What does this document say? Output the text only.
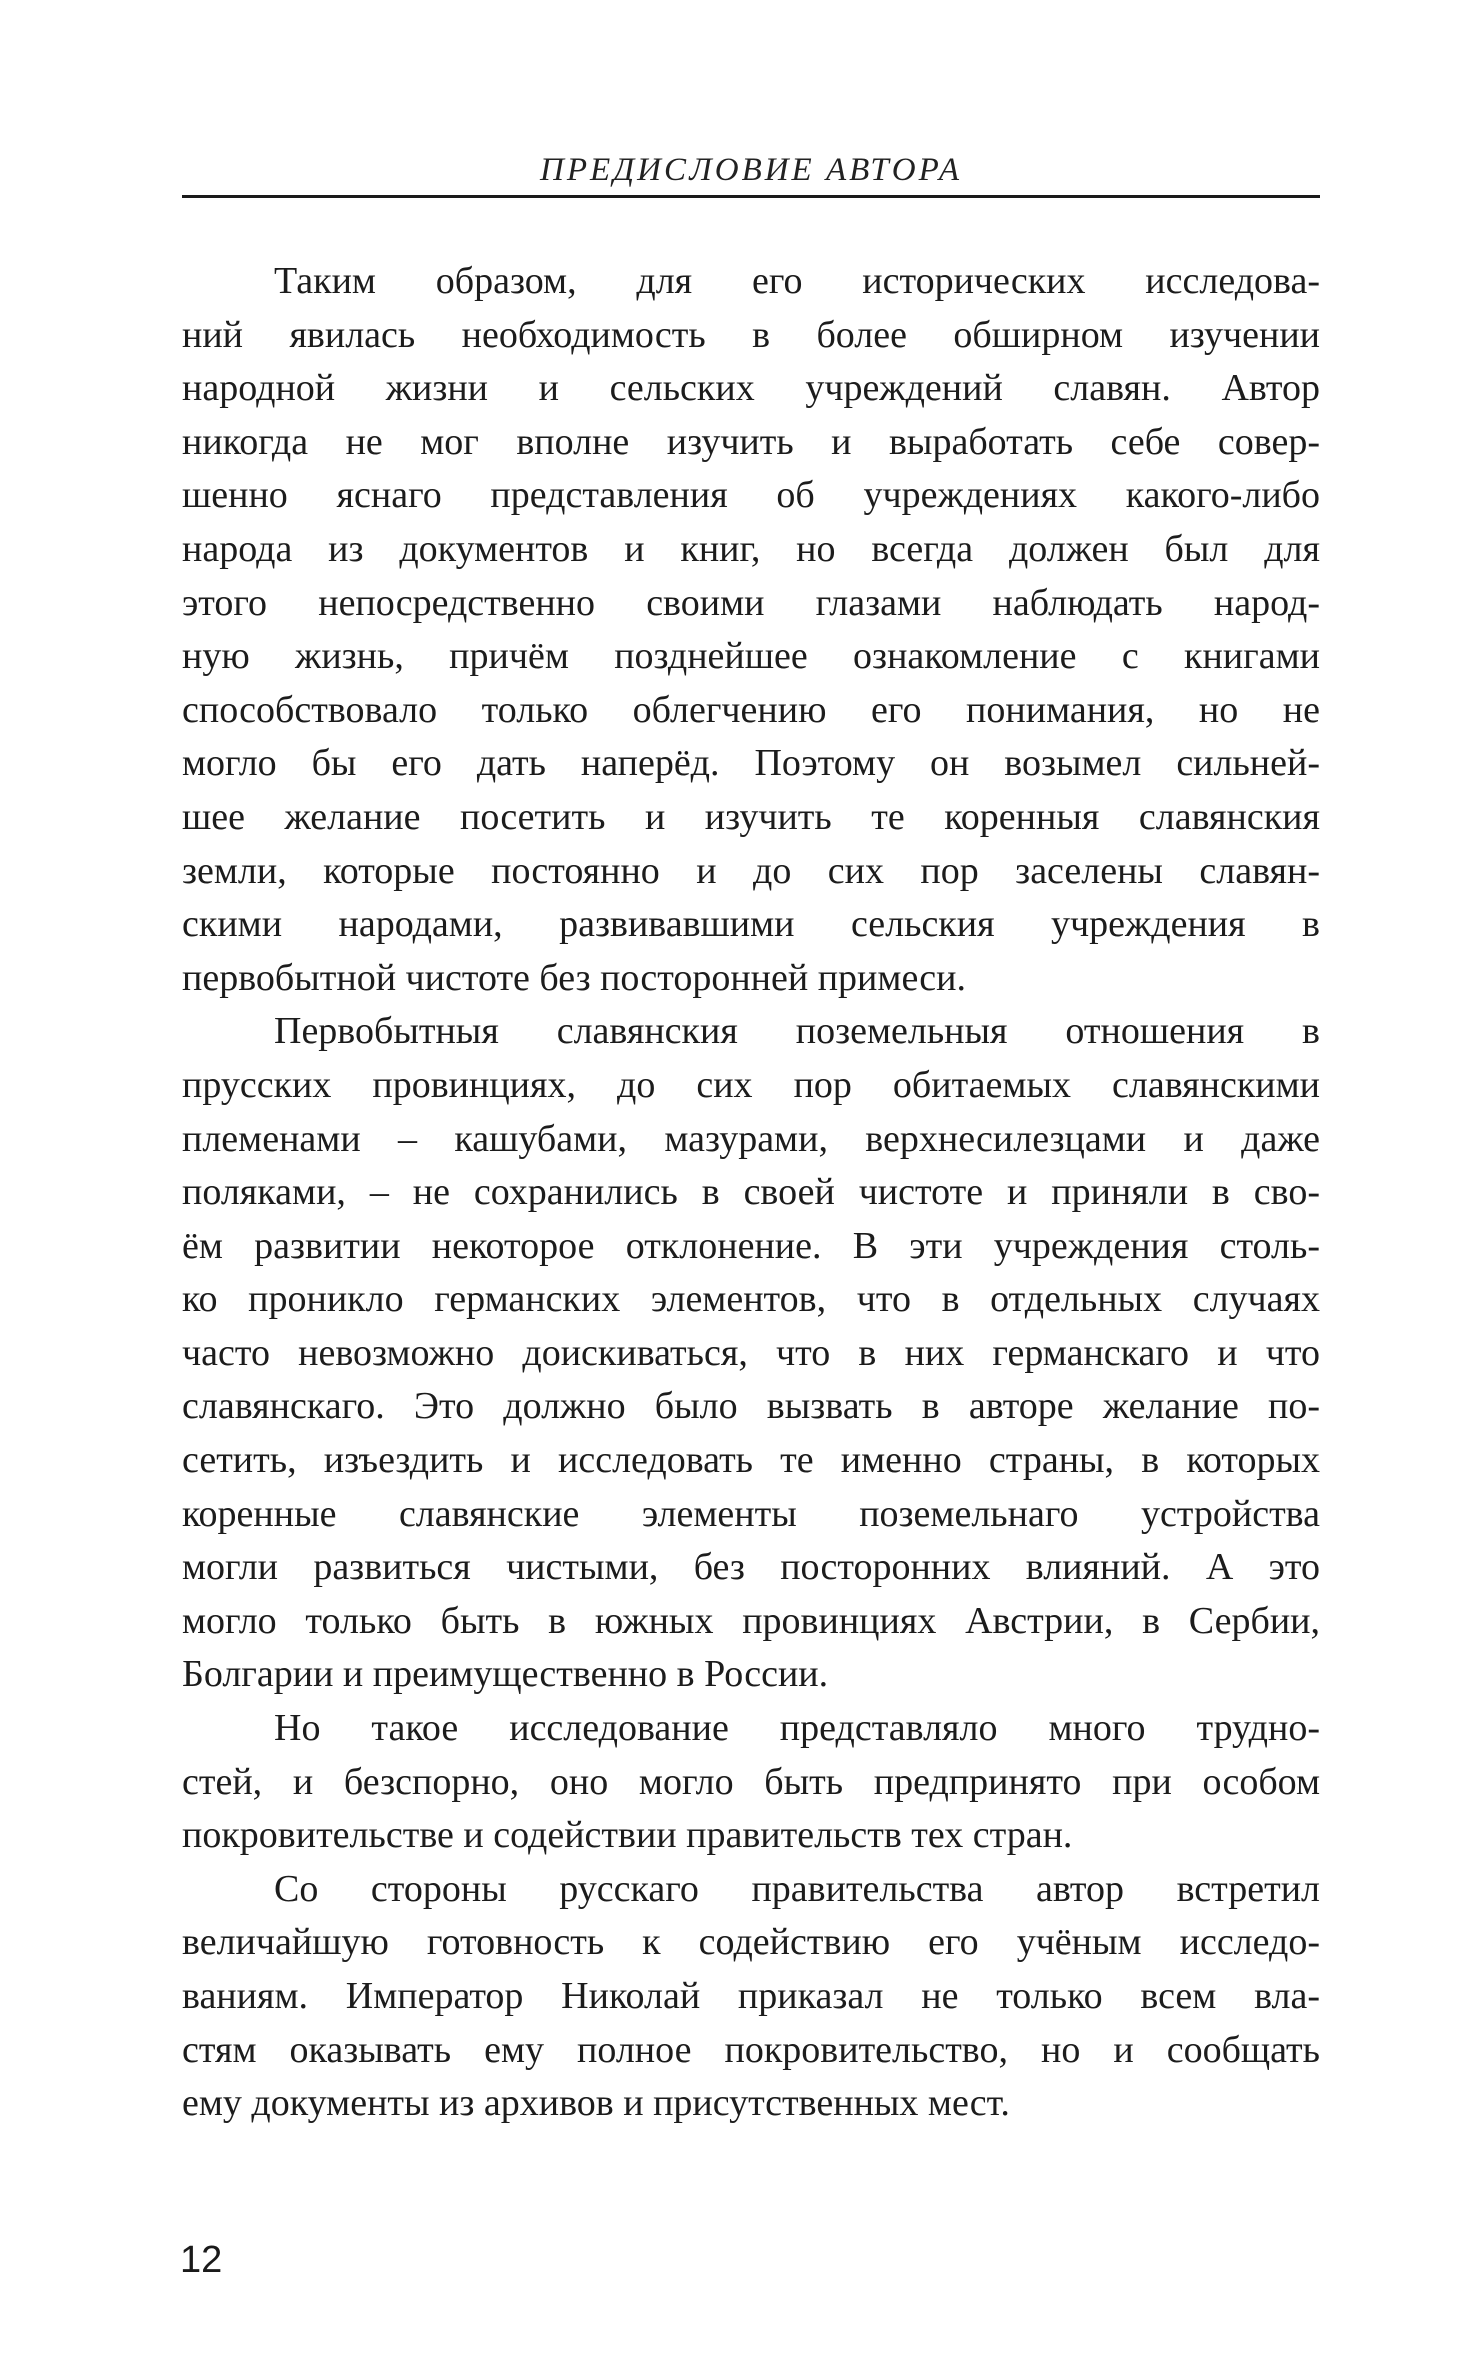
ПРЕДИСЛОВИЕ АВТОРА

Таким образом, для его исторических исследова-
ний явилась необходимость в более обширном изучении
народной жизни и сельских учреждений славян. Автор
никогда не мог вполне изучить и выработать себе совер-
шенно яснаго представления об учреждениях какого-либо
народа из документов и книг, но всегда должен был для
этого непосредственно своими глазами наблюдать народ-
ную жизнь, причём позднейшее ознакомление с книгами
способствовало только облегчению его понимания, но не
могло бы его дать наперёд. Поэтому он возымел сильней-
шее желание посетить и изучить те коренныя славянския
земли, которые постоянно и до сих пор заселены славян-
скими народами, развивавшими сельския учреждения в
первобытной чистоте без посторонней примеси.

Первобытныя славянския поземельныя отношения в
прусских провинциях, до сих пор обитаемых славянскими
племенами – кашубами, мазурами, верхнесилезцами и даже
поляками, – не сохранились в своей чистоте и приняли в сво-
ём развитии некоторое отклонение. В эти учреждения столь-
ко проникло германских элементов, что в отдельных случаях
часто невозможно доискиваться, что в них германскаго и что
славянскаго. Это должно было вызвать в авторе желание по-
сетить, изъездить и исследовать те именно страны, в которых
коренные славянские элементы поземельнаго устройства
могли развиться чистыми, без посторонних влияний. А это
могло только быть в южных провинциях Австрии, в Сербии,
Болгарии и преимущественно в России.

Но такое исследование представляло много трудно-
стей, и безспорно, оно могло быть предпринято при особом
покровительстве и содействии правительств тех стран.

Со стороны русскаго правительства автор встретил
величайшую готовность к содействию его учёным исследо-
ваниям. Император Николай приказал не только всем вла-
стям оказывать ему полное покровительство, но и сообщать
ему документы из архивов и присутственных мест.

12
